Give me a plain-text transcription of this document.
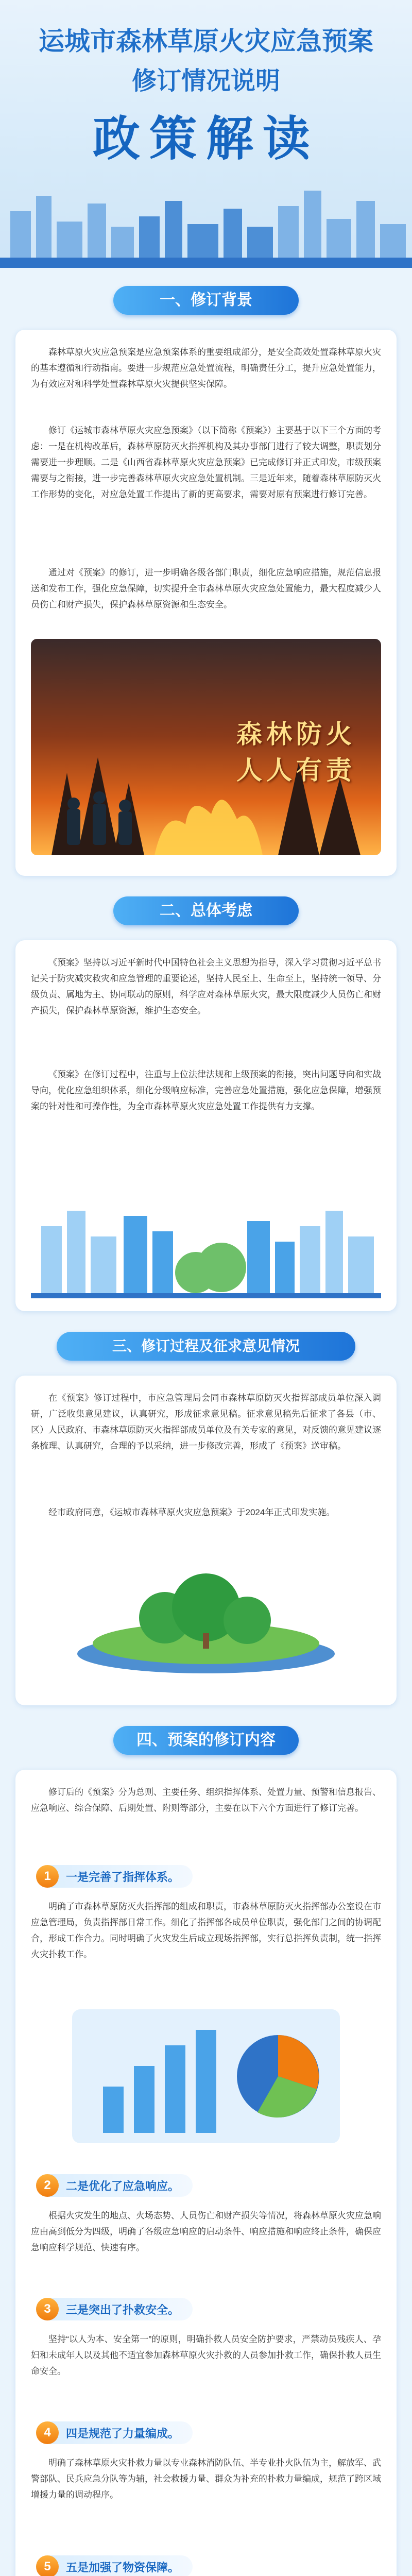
运城市森林草原火灾应急预案
修订情况说明
政策解读
一、修订背景
森林草原火灾应急预案是应急预案体系的重要组成部分，是安全高效处置森林草原火灾的基本遵循和行动指南。要进一步规范应急处置流程，明确责任分工，提升应急处置能力，为有效应对和科学处置森林草原火灾提供坚实保障。
修订《运城市森林草原火灾应急预案》（以下简称《预案》）主要基于以下三个方面的考虑：一是在机构改革后，森林草原防灭火指挥机构及其办事部门进行了较大调整，职责划分需要进一步理顺。二是《山西省森林草原火灾应急预案》已完成修订并正式印发，市级预案需要与之衔接，进一步完善森林草原火灾应急处置机制。三是近年来，随着森林草原防灭火工作形势的变化，对应急处置工作提出了新的更高要求，需要对原有预案进行修订完善。
通过对《预案》的修订，进一步明确各级各部门职责，细化应急响应措施，规范信息报送和发布工作，强化应急保障，切实提升全市森林草原火灾应急处置能力，最大程度减少人员伤亡和财产损失，保护森林草原资源和生态安全。
森林防火 人人有责
二、总体考虑
《预案》坚持以习近平新时代中国特色社会主义思想为指导，深入学习贯彻习近平总书记关于防灾减灾救灾和应急管理的重要论述，坚持人民至上、生命至上，坚持统一领导、分级负责、属地为主、协同联动的原则，科学应对森林草原火灾，最大限度减少人员伤亡和财产损失，保护森林草原资源，维护生态安全。
《预案》在修订过程中，注重与上位法律法规和上级预案的衔接，突出问题导向和实战导向，优化应急组织体系，细化分级响应标准，完善应急处置措施，强化应急保障，增强预案的针对性和可操作性，为全市森林草原火灾应急处置工作提供有力支撑。
三、修订过程及征求意见情况
在《预案》修订过程中，市应急管理局会同市森林草原防灭火指挥部成员单位深入调研，广泛收集意见建议，认真研究，形成征求意见稿。征求意见稿先后征求了各县（市、区）人民政府、市森林草原防灭火指挥部成员单位及有关专家的意见，对反馈的意见建议逐条梳理、认真研究，合理的予以采纳，进一步修改完善，形成了《预案》送审稿。
经市政府同意，《运城市森林草原火灾应急预案》于2024年正式印发实施。
四、预案的修订内容
修订后的《预案》分为总则、主要任务、组织指挥体系、处置力量、预警和信息报告、应急响应、综合保障、后期处置、附则等部分，主要在以下六个方面进行了修订完善。
1	一是完善了指挥体系。
明确了市森林草原防灭火指挥部的组成和职责，市森林草原防灭火指挥部办公室设在市应急管理局，负责指挥部日常工作。细化了指挥部各成员单位职责，强化部门之间的协调配合，形成工作合力。同时明确了火灾发生后成立现场指挥部，实行总指挥负责制，统一指挥火灾扑救工作。
2	二是优化了应急响应。
根据火灾发生的地点、火场态势、人员伤亡和财产损失等情况，将森林草原火灾应急响应由高到低分为四级，明确了各级应急响应的启动条件、响应措施和响应终止条件，确保应急响应科学规范、快速有序。
3	三是突出了扑救安全。
坚持“以人为本、安全第一”的原则，明确扑救人员安全防护要求，严禁动员残疾人、孕妇和未成年人以及其他不适宜参加森林草原火灾扑救的人员参加扑救工作，确保扑救人员生命安全。
4	四是规范了力量编成。
明确了森林草原火灾扑救力量以专业森林消防队伍、半专业扑火队伍为主，解放军、武警部队、民兵应急分队等为辅，社会救援力量、群众为补充的扑救力量编成，规范了跨区域增援力量的调动程序。
5	五是加强了物资保障。
